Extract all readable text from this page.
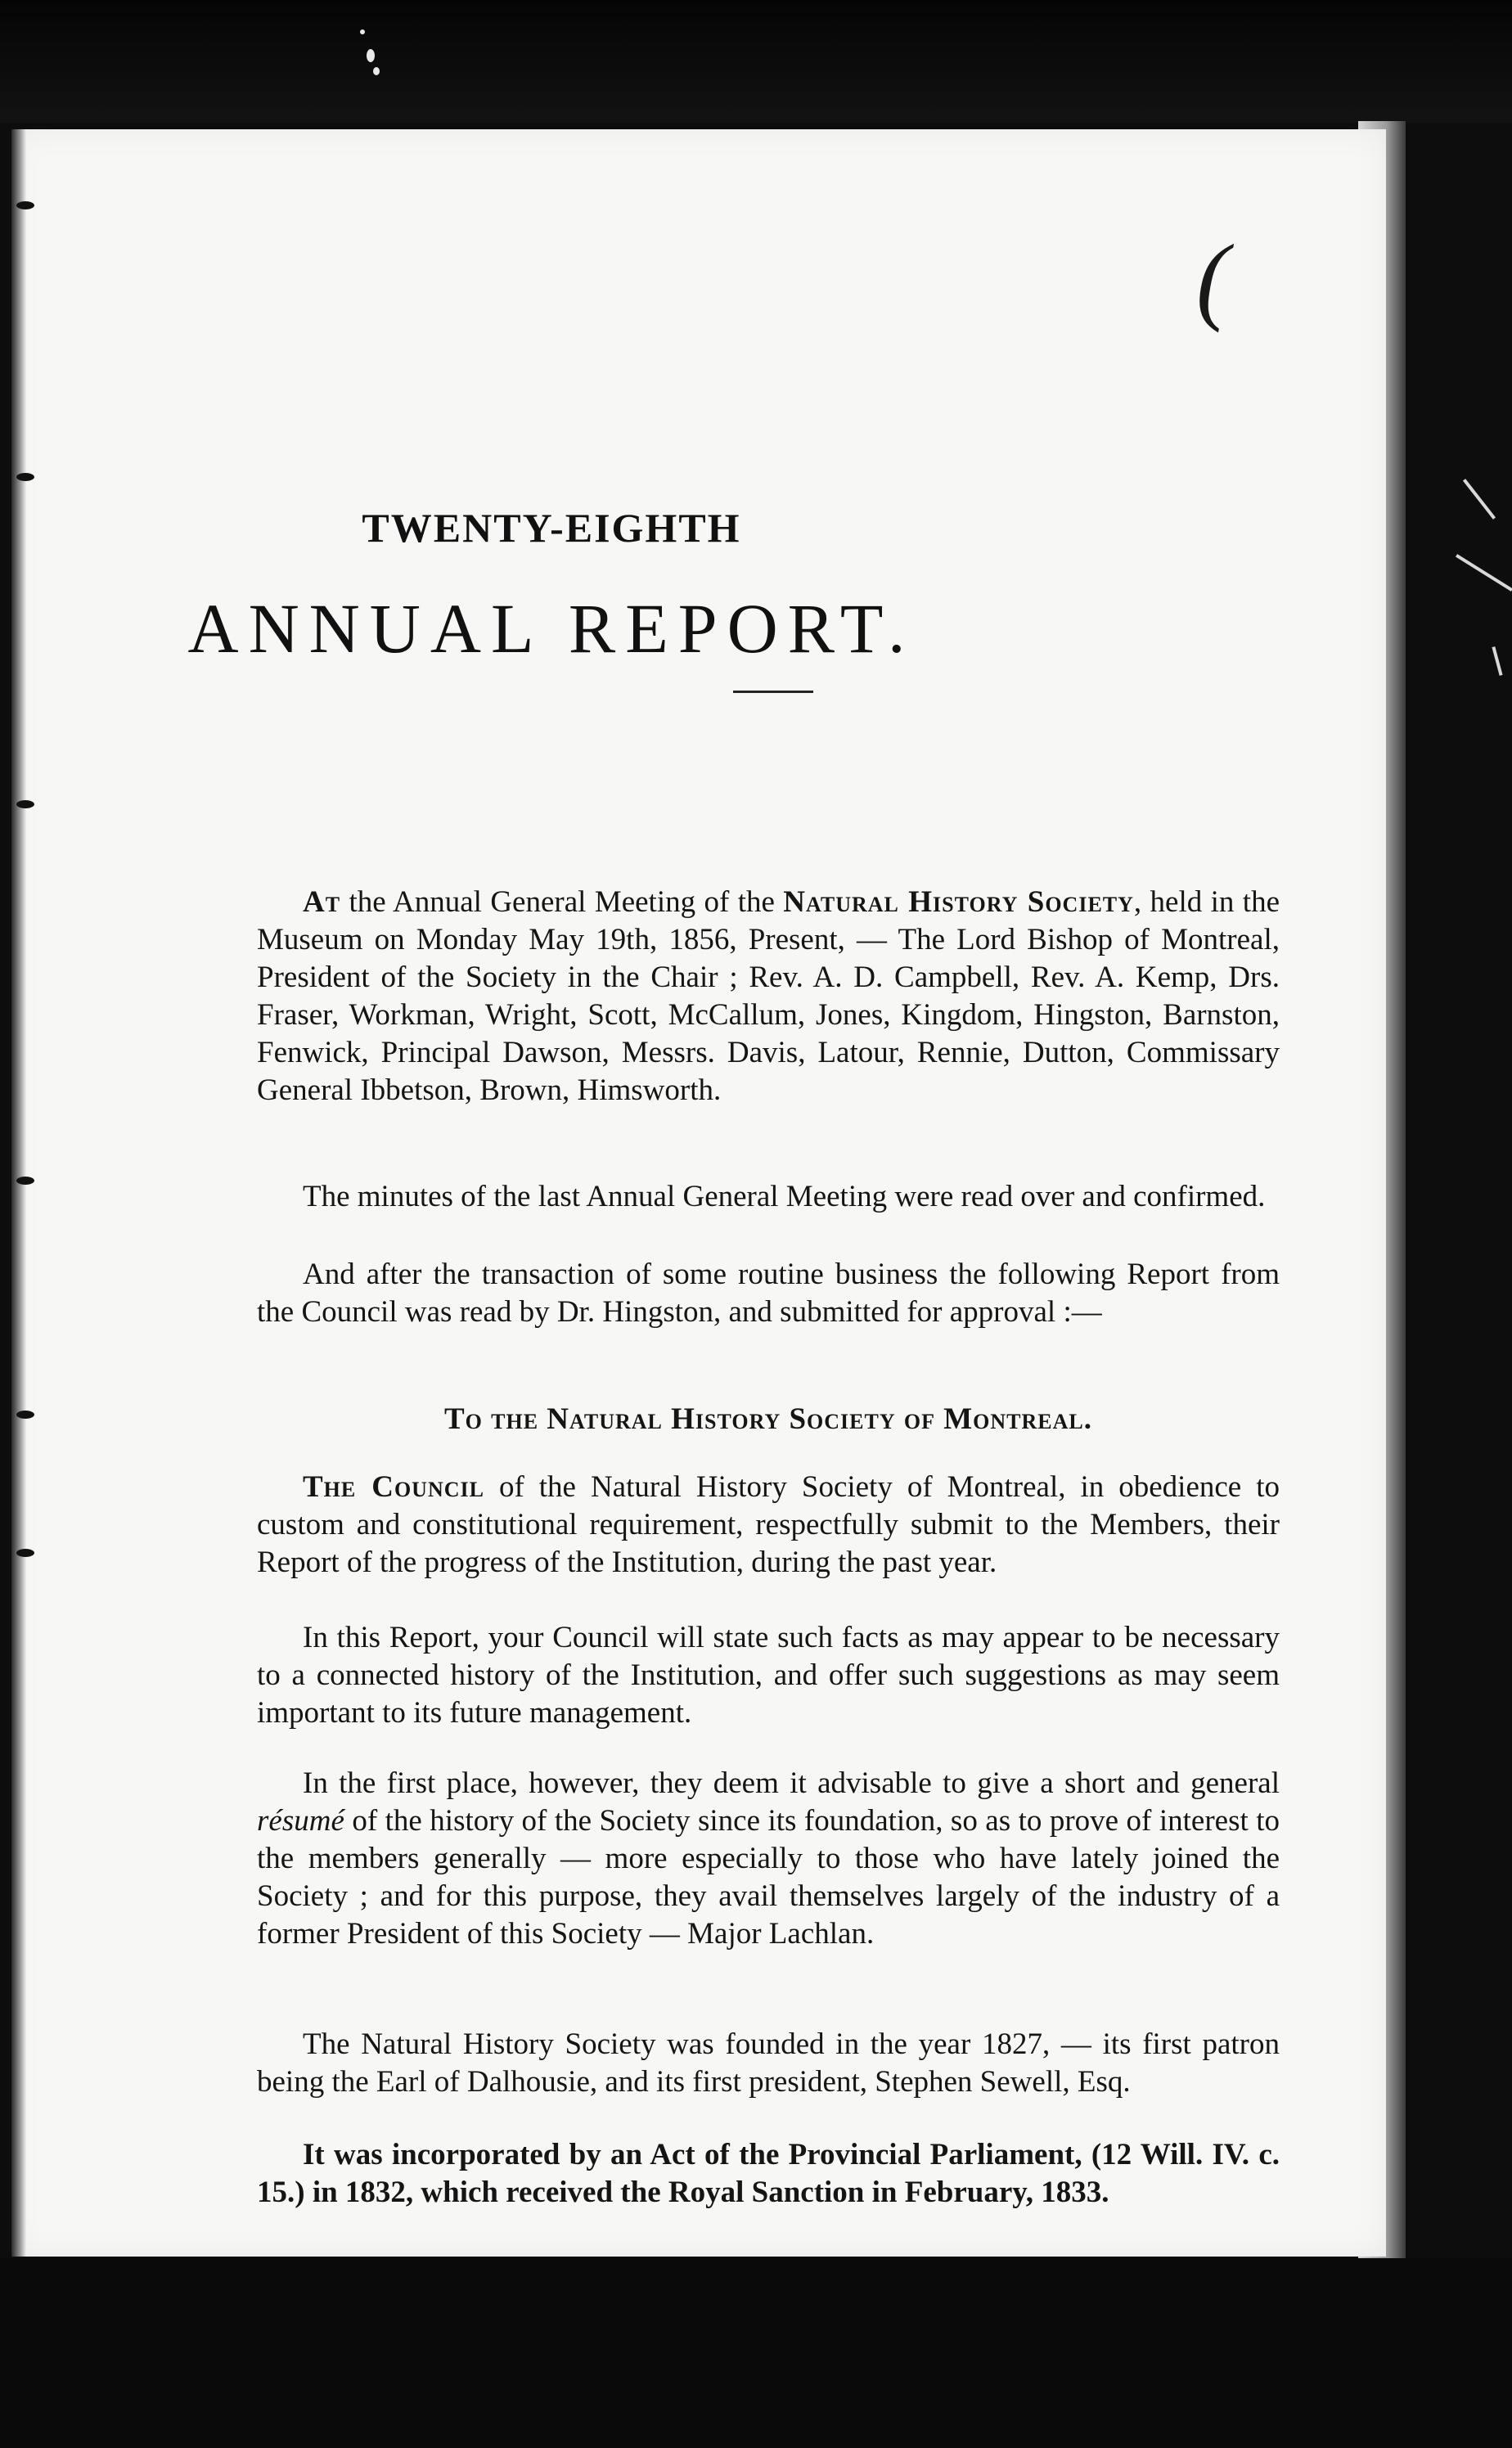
(
TWENTY-EIGHTH
ANNUAL REPORT.
At the Annual General Meeting of the Natural History Society, held in the Museum on Monday May 19th, 1856, Present, — The Lord Bishop of Montreal, President of the Society in the Chair ; Rev. A. D. Campbell, Rev. A. Kemp, Drs. Fraser, Workman, Wright, Scott, McCallum, Jones, Kingdom, Hingston, Barnston, Fenwick, Principal Dawson, Messrs. Davis, Latour, Rennie, Dutton, Commissary General Ibbetson, Brown, Himsworth.
The minutes of the last Annual General Meeting were read over and confirmed.
And after the transaction of some routine business the following Report from the Council was read by Dr. Hingston, and submitted for approval :—
To the Natural History Society of Montreal.
The Council of the Natural History Society of Montreal, in obedience to custom and constitutional requirement, respectfully submit to the Members, their Report of the progress of the Institution, during the past year.
In this Report, your Council will state such facts as may appear to be necessary to a connected history of the Institution, and offer such suggestions as may seem important to its future management.
In the first place, however, they deem it advisable to give a short and general résumé of the history of the Society since its foundation, so as to prove of interest to the members generally — more especially to those who have lately joined the Society ; and for this purpose, they avail themselves largely of the industry of a former President of this Society — Major Lachlan.
The Natural History Society was founded in the year 1827, — its first patron being the Earl of Dalhousie, and its first president, Stephen Sewell, Esq.
It was incorporated by an Act of the Provincial Parliament, (12 Will. IV. c. 15.) in 1832, which received the Royal Sanction in February, 1833.
